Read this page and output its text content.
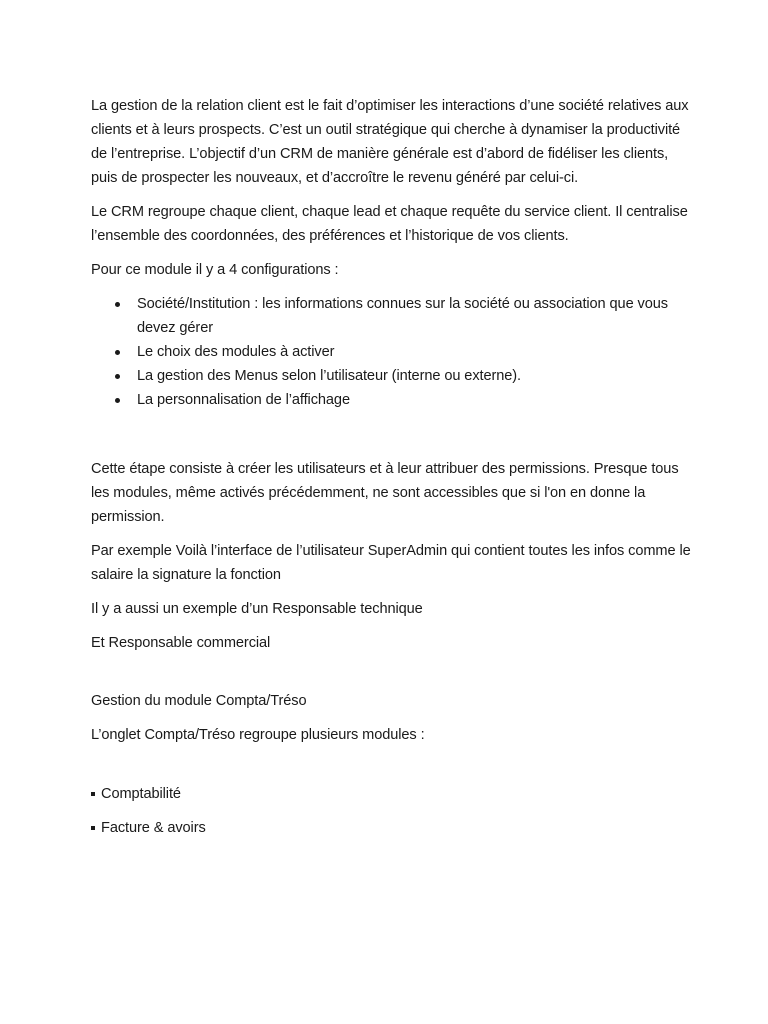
La gestion de la relation client est le fait d’optimiser les interactions d’une société relatives aux clients et à leurs prospects. C’est un outil stratégique qui cherche à dynamiser la productivité de l’entreprise. L’objectif d’un CRM de manière générale est d’abord de fidéliser les clients, puis de prospecter les nouveaux, et d’accroître le revenu généré par celui-ci.

Le CRM regroupe chaque client, chaque lead et chaque requête du service client. Il centralise l’ensemble des coordonnées, des préférences et l’historique de vos clients.

Pour ce module il y a 4 configurations :

Société/Institution : les informations connues sur la société ou association que vous devez gérer
Le choix des modules à activer
La gestion des Menus selon l’utilisateur (interne ou externe).
La personnalisation de l’affichage

Cette étape consiste à créer les utilisateurs et à leur attribuer des permissions. Presque tous les modules, même activés précédemment, ne sont accessibles que si l'on en donne la permission.

Par exemple Voilà l’interface de l’utilisateur SuperAdmin qui contient toutes les infos comme le salaire la signature la fonction

Il y a aussi un exemple d’un Responsable technique

Et Responsable commercial

Gestion du module Compta/Tréso

L’onglet Compta/Tréso regroupe plusieurs modules :

Comptabilité
Facture & avoirs
